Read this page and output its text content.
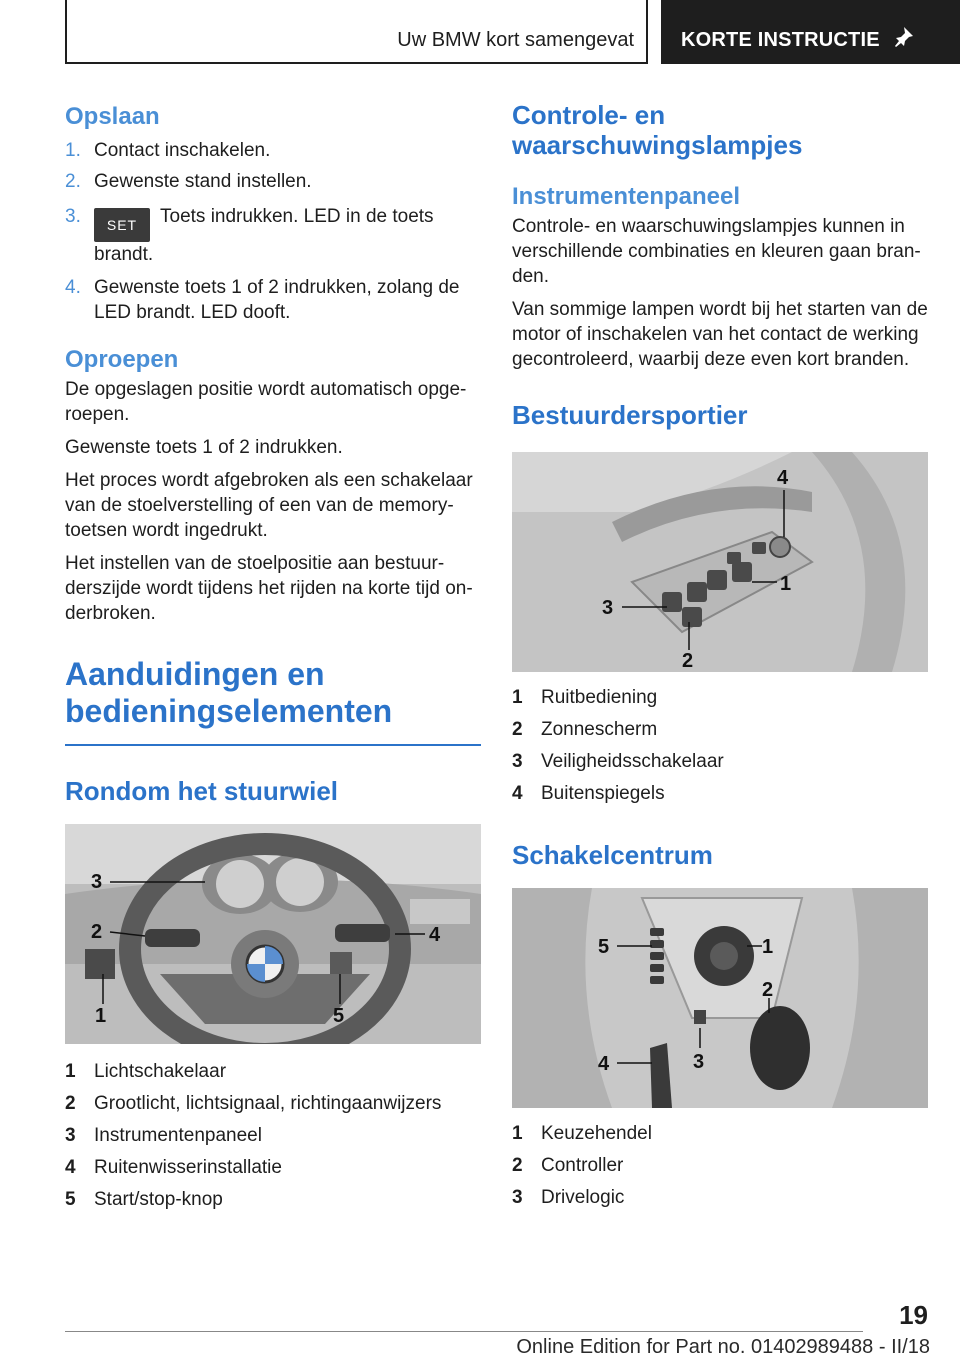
Uw BMW kort samengevat KORTE INSTRUCTIE
Opslaan
1. Contact inschakelen.
2. Gewenste stand instellen.
3. SET Toets indrukken. LED in de toets brandt.
4. Gewenste toets 1 of 2 indrukken, zolang de LED brandt. LED dooft.
Oproepen

De opgeslagen positie wordt automatisch opge-roepen.

Gewenste toets 1 of 2 indrukken.

Het proces wordt afgebroken als een schakelaar van de stoelverstelling of een van de memory-toetsen wordt ingedrukt.

Het instellen van de stoelpositie aan bestuur-derszijde wordt tijdens het rijden na korte tijd on-derbroken.

Aanduidingen en bedieningselementen
Rondom het stuurwiel
3
2	4
1	5
1 Lichtschakelaar
2 Grootlicht, lichtsignaal, richtingaanwijzers
3 Instrumentenpaneel
4 Ruitenwisserinstallatie
5 Start/stop-knop
Controle- en waarschuwingslampjes
Instrumentenpaneel

Controle- en waarschuwingslampjes kunnen in verschillende combinaties en kleuren gaan bran-den.

Van sommige lampen wordt bij het starten van de motor of inschakelen van het contact de werking gecontroleerd, waarbij deze even kort branden.

Bestuurdersportier
4
1
3
2
1 Ruitbediening
2 Zonnescherm
3 Veiligheidsschakelaar
4 Buitenspiegels
Schakelcentrum
5	1
2
3
4
1 Keuzehendel
2 Controller
3 Drivelogic
19
Online Edition for Part no. 01402989488 - II/18
